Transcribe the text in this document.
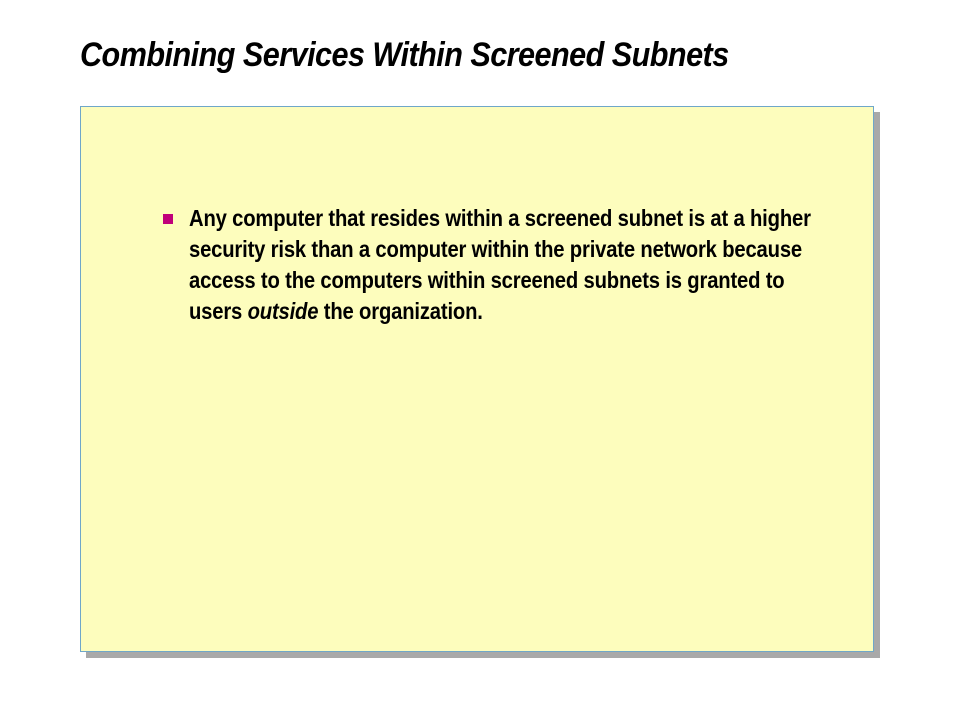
Combining Services Within Screened Subnets
Any computer that resides within a screened subnet is at a higher security risk than a computer within the private network because access to the computers within screened subnets is granted to users outside the organization.
